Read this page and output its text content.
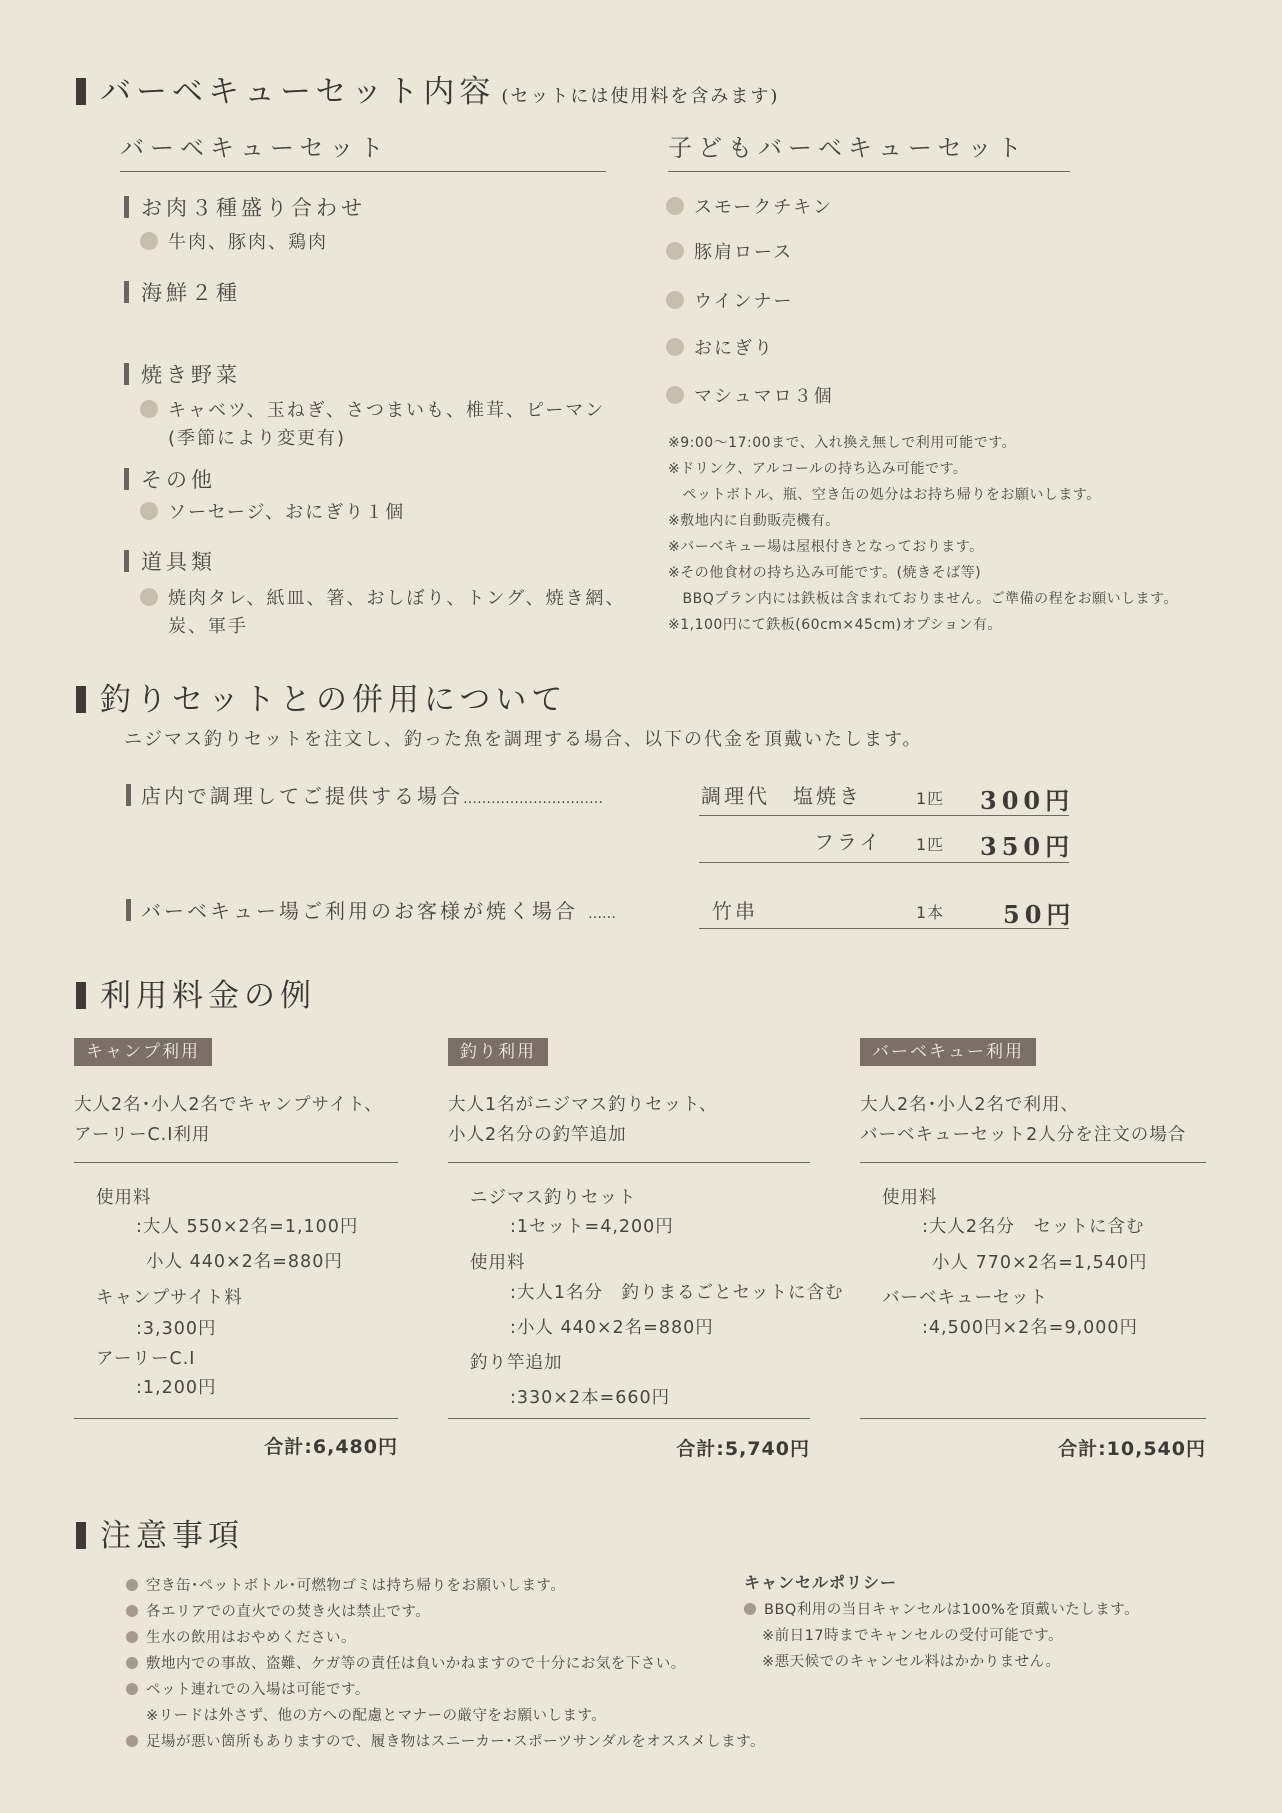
バーベキューセット内容 (セットには使用料を含みます)
バーベキューセット	子どもバーベキューセット
お肉３種盛り合わせ
牛肉、豚肉、鶏肉
海鮮２種
焼き野菜
キャベツ、玉ねぎ、さつまいも、椎茸、ピーマン
(季節により変更有)
その他
ソーセージ、おにぎり１個
道具類
焼肉タレ、紙皿、箸、おしぼり、トング、焼き網、
炭、軍手
スモークチキン
豚肩ロース
ウインナー
おにぎり
マシュマロ３個
※9:00～17:00まで、入れ換え無しで利用可能です。
※ドリンク、アルコールの持ち込み可能です。
　ペットボトル、瓶、空き缶の処分はお持ち帰りをお願いします。
※敷地内に自動販売機有。
※バーベキュー場は屋根付きとなっております。
※その他食材の持ち込み可能です。(焼きそば等)
　BBQプラン内には鉄板は含まれておりません。ご準備の程をお願いします。
※1,100円にて鉄板(60cm×45cm)オプション有。
釣りセットとの併用について
ニジマス釣りセットを注文し、釣った魚を調理する場合、以下の代金を頂戴いたします。
店内で調理してご提供する場合…………………………	調理代　塩焼き	1匹 300円
フライ 1匹 350円
バーベキュー場ご利用のお客様が焼く場合 ……	竹串	1本 50円
利用料金の例
キャンプ利用
大人2名･小人2名でキャンプサイト、
アーリーC.I利用
使用料
:大人 550×2名=1,100円
小人 440×2名=880円
キャンプサイト料
:3,300円
アーリーC.I
:1,200円
合計:6,480円
釣り利用
大人1名がニジマス釣りセット、
小人2名分の釣竿追加
ニジマス釣りセット
:1セット=4,200円
使用料
:大人1名分　釣りまるごとセットに含む
:小人 440×2名=880円
釣り竿追加
:330×2本=660円
合計:5,740円
バーベキュー利用
大人2名･小人2名で利用、
バーベキューセット2人分を注文の場合
使用料
:大人2名分　セットに含む
小人 770×2名=1,540円
バーベキューセット
:4,500円×2名=9,000円
合計:10,540円
注意事項
空き缶･ペットボトル･可燃物ゴミは持ち帰りをお願いします。
各エリアでの直火での焚き火は禁止です。
生水の飲用はおやめください。
敷地内での事故、盗難、ケガ等の責任は負いかねますので十分にお気を下さい。
ペット連れでの入場は可能です。
※リードは外さず、他の方への配慮とマナーの厳守をお願いします。
足場が悪い箇所もありますので、履き物はスニーカー･スポーツサンダルをオススメします。
キャンセルポリシー
BBQ利用の当日キャンセルは100%を頂戴いたします。
※前日17時までキャンセルの受付可能です。
※悪天候でのキャンセル料はかかりません。
